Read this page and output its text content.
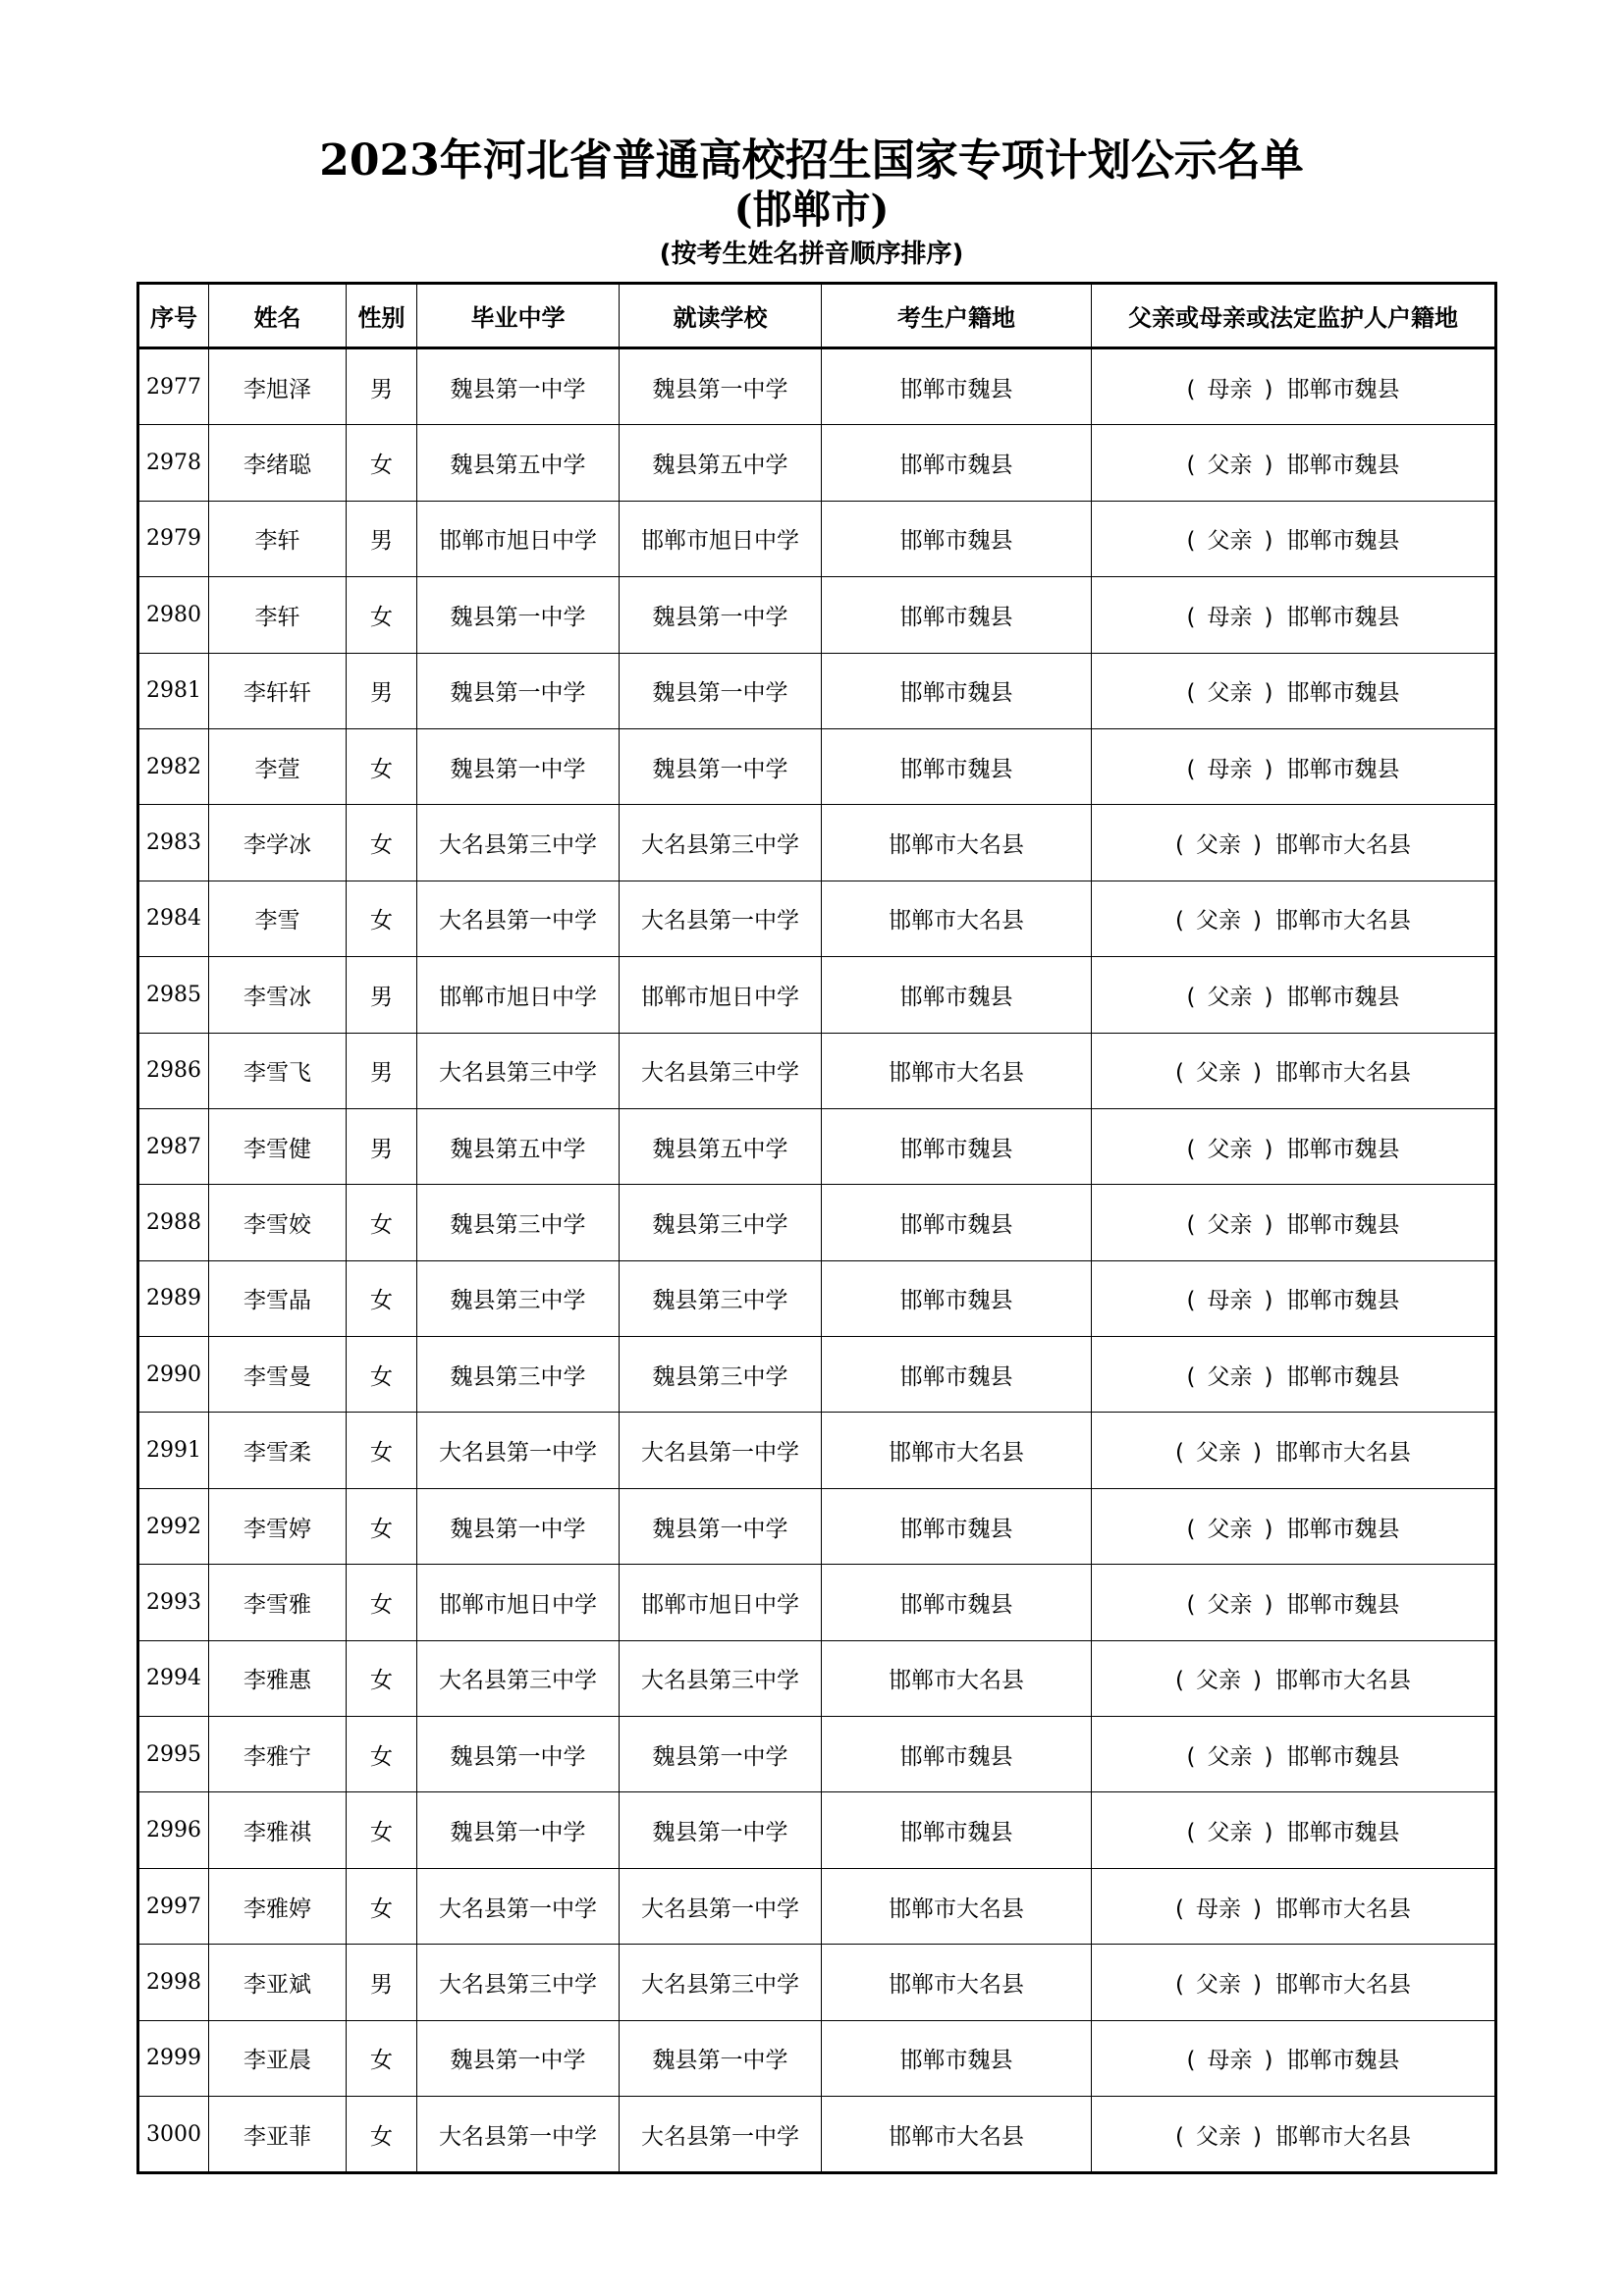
2023年河北省普通高校招生国家专项计划公示名单
(邯郸市)
(按考生姓名拼音顺序排序)
序号	姓名	性别	毕业中学	就读学校	考生户籍地	父亲或母亲或法定监护人户籍地
2977	李旭泽	男	魏县第一中学	魏县第一中学	邯郸市魏县	( 母亲 ) 邯郸市魏县
2978	李绪聪	女	魏县第五中学	魏县第五中学	邯郸市魏县	( 父亲 ) 邯郸市魏县
2979	李轩	男	邯郸市旭日中学	邯郸市旭日中学	邯郸市魏县	( 父亲 ) 邯郸市魏县
2980	李轩	女	魏县第一中学	魏县第一中学	邯郸市魏县	( 母亲 ) 邯郸市魏县
2981	李轩轩	男	魏县第一中学	魏县第一中学	邯郸市魏县	( 父亲 ) 邯郸市魏县
2982	李萱	女	魏县第一中学	魏县第一中学	邯郸市魏县	( 母亲 ) 邯郸市魏县
2983	李学冰	女	大名县第三中学	大名县第三中学	邯郸市大名县	( 父亲 ) 邯郸市大名县
2984	李雪	女	大名县第一中学	大名县第一中学	邯郸市大名县	( 父亲 ) 邯郸市大名县
2985	李雪冰	男	邯郸市旭日中学	邯郸市旭日中学	邯郸市魏县	( 父亲 ) 邯郸市魏县
2986	李雪飞	男	大名县第三中学	大名县第三中学	邯郸市大名县	( 父亲 ) 邯郸市大名县
2987	李雪健	男	魏县第五中学	魏县第五中学	邯郸市魏县	( 父亲 ) 邯郸市魏县
2988	李雪姣	女	魏县第三中学	魏县第三中学	邯郸市魏县	( 父亲 ) 邯郸市魏县
2989	李雪晶	女	魏县第三中学	魏县第三中学	邯郸市魏县	( 母亲 ) 邯郸市魏县
2990	李雪曼	女	魏县第三中学	魏县第三中学	邯郸市魏县	( 父亲 ) 邯郸市魏县
2991	李雪柔	女	大名县第一中学	大名县第一中学	邯郸市大名县	( 父亲 ) 邯郸市大名县
2992	李雪婷	女	魏县第一中学	魏县第一中学	邯郸市魏县	( 父亲 ) 邯郸市魏县
2993	李雪雅	女	邯郸市旭日中学	邯郸市旭日中学	邯郸市魏县	( 父亲 ) 邯郸市魏县
2994	李雅惠	女	大名县第三中学	大名县第三中学	邯郸市大名县	( 父亲 ) 邯郸市大名县
2995	李雅宁	女	魏县第一中学	魏县第一中学	邯郸市魏县	( 父亲 ) 邯郸市魏县
2996	李雅祺	女	魏县第一中学	魏县第一中学	邯郸市魏县	( 父亲 ) 邯郸市魏县
2997	李雅婷	女	大名县第一中学	大名县第一中学	邯郸市大名县	( 母亲 ) 邯郸市大名县
2998	李亚斌	男	大名县第三中学	大名县第三中学	邯郸市大名县	( 父亲 ) 邯郸市大名县
2999	李亚晨	女	魏县第一中学	魏县第一中学	邯郸市魏县	( 母亲 ) 邯郸市魏县
3000	李亚菲	女	大名县第一中学	大名县第一中学	邯郸市大名县	( 父亲 ) 邯郸市大名县
